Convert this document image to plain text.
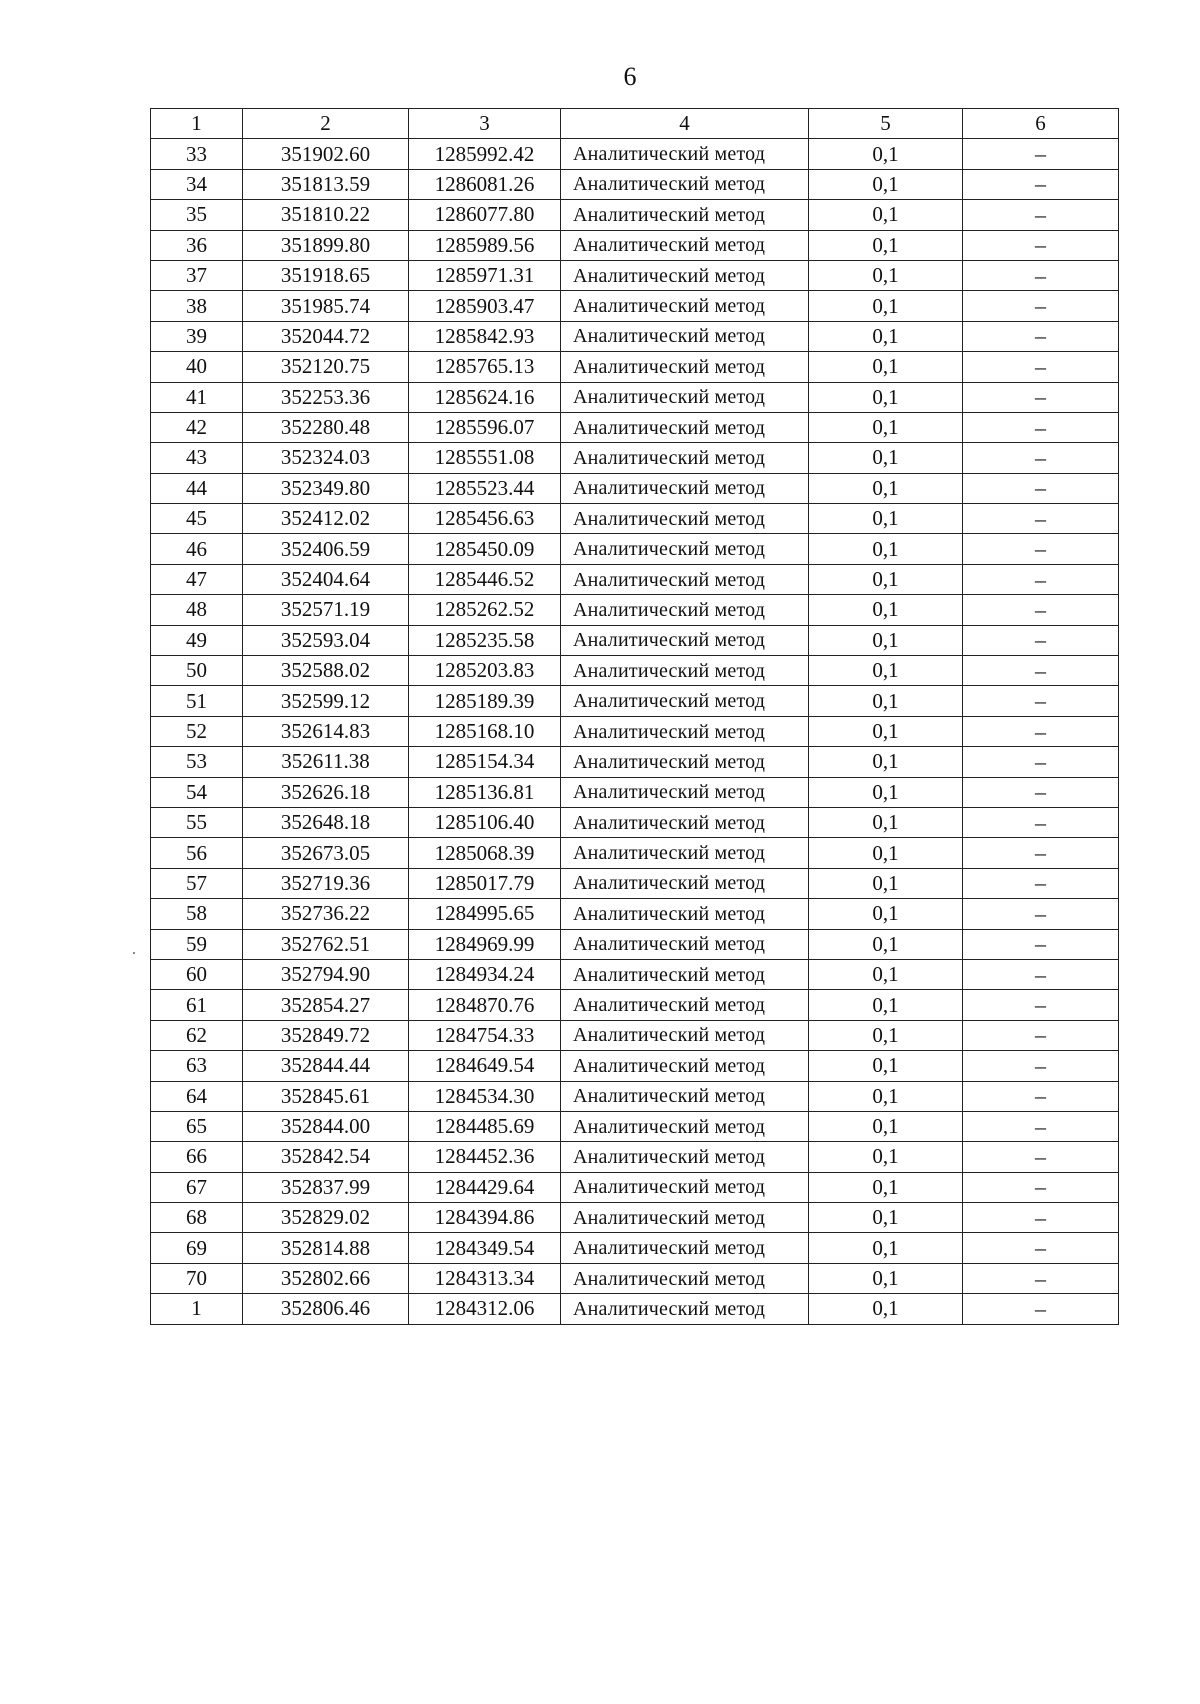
6
1	2	3	4	5	6
33	351902.60	1285992.42	Аналитический метод	0,1	–
34	351813.59	1286081.26	Аналитический метод	0,1	–
35	351810.22	1286077.80	Аналитический метод	0,1	–
36	351899.80	1285989.56	Аналитический метод	0,1	–
37	351918.65	1285971.31	Аналитический метод	0,1	–
38	351985.74	1285903.47	Аналитический метод	0,1	–
39	352044.72	1285842.93	Аналитический метод	0,1	–
40	352120.75	1285765.13	Аналитический метод	0,1	–
41	352253.36	1285624.16	Аналитический метод	0,1	–
42	352280.48	1285596.07	Аналитический метод	0,1	–
43	352324.03	1285551.08	Аналитический метод	0,1	–
44	352349.80	1285523.44	Аналитический метод	0,1	–
45	352412.02	1285456.63	Аналитический метод	0,1	–
46	352406.59	1285450.09	Аналитический метод	0,1	–
47	352404.64	1285446.52	Аналитический метод	0,1	–
48	352571.19	1285262.52	Аналитический метод	0,1	–
49	352593.04	1285235.58	Аналитический метод	0,1	–
50	352588.02	1285203.83	Аналитический метод	0,1	–
51	352599.12	1285189.39	Аналитический метод	0,1	–
52	352614.83	1285168.10	Аналитический метод	0,1	–
53	352611.38	1285154.34	Аналитический метод	0,1	–
54	352626.18	1285136.81	Аналитический метод	0,1	–
55	352648.18	1285106.40	Аналитический метод	0,1	–
56	352673.05	1285068.39	Аналитический метод	0,1	–
57	352719.36	1285017.79	Аналитический метод	0,1	–
58	352736.22	1284995.65	Аналитический метод	0,1	–
59	352762.51	1284969.99	Аналитический метод	0,1	–
60	352794.90	1284934.24	Аналитический метод	0,1	–
61	352854.27	1284870.76	Аналитический метод	0,1	–
62	352849.72	1284754.33	Аналитический метод	0,1	–
63	352844.44	1284649.54	Аналитический метод	0,1	–
64	352845.61	1284534.30	Аналитический метод	0,1	–
65	352844.00	1284485.69	Аналитический метод	0,1	–
66	352842.54	1284452.36	Аналитический метод	0,1	–
67	352837.99	1284429.64	Аналитический метод	0,1	–
68	352829.02	1284394.86	Аналитический метод	0,1	–
69	352814.88	1284349.54	Аналитический метод	0,1	–
70	352802.66	1284313.34	Аналитический метод	0,1	–
1	352806.46	1284312.06	Аналитический метод	0,1	–
